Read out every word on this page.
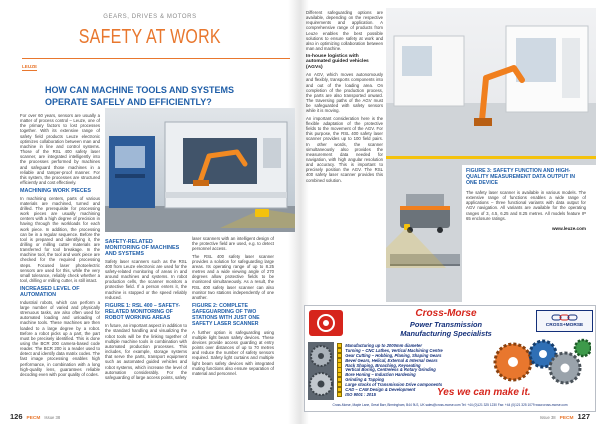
GEARS, DRIVES & MOTORS
SAFETY AT WORK
LEUZE
HOW CAN MACHINE TOOLS AND SYSTEMS
OPERATE SAFELY AND EFFICIENTLY?

For over 60 years, sensors are usually a matter of process control – Leuze, one of the primary factors to lost processes together. With its extensive range of safety field products Leuze electronic optimizes collaboration between man and machine in line and control systems. Those of the RSL 400 safety laser scanner, are integrated intelligently into the processes performed by machines and safeguard those machines in a reliable and tamper-proof manner. For this system, the processes are structured efficiently and cost effectively.

MACHINING WORK PIECES

In machining centers, parts of various materials are machined, turned and drilled. The prerequisite for processing work pieces are usually machining centers with a high degree of precision in having through the workloads for each work piece. In addition, the processing can be in a regular sequence. Before the tool is prepared and identifying it, the drilling or milling cutter materials are transferred for tool breakage. In the machine tool, the tool and work piece are checked for the required processing steps. Focused laser photoelectric sensors are used for this, while the very small tolerance, reliably check whether a tool, drilling or milling cutter, is still intact.

INCREASED LEVEL OF AUTOMATION

Industrial robots, which can perform a large number of varied and physically strenuous tasks, are also often used for automated loading and unloading of machine tools. These machines are then loaded to a large degree by a robot. Before a robot picks up a part, the part must be precisely identified. This is done using the BCR 200 camera-based code reader. The BCR 200 is a reader used to detect and identify data matrix codes. The fast image processing enables high performance, in combination with a long high-quality lens, guarantees reliable decoding even with poor quality of codes.

SAFETY-RELATED MONITORING OF MACHINES AND SYSTEMS

Safety laser scanners such as the RSL 400 from Leuze electronic are used for the safety-related monitoring of areas in and around machines and systems. In robot production cells, the scanner monitors a protective field. If a person enters it, the machine is stopped or the speed reliably reduced.

FIGURE 1: RSL 400 – SAFETY-RELATED MONITORING OF ROBOT WORKING AREAS

In future, an important aspect in addition to the standard handling and visualizing the robot tools will be the linking together of multiple machine tools in combination with automated production processes. This includes, for example, storage systems that serve the parts, transport equipment such as automated guided vehicles and robot systems, which increase the level of automation considerably. For the safeguarding of large access points, safety

laser scanners with an intelligent design of the protective field are used, e.g. to detect personnel access.

The RSL 400 safety laser scanner provides a solution for safeguarding large areas. Its operating range of up to 8.25 metres and a wide viewing angle of 270 degrees allow protective fields to be monitored simultaneously. As a result, the RSL 400 safety laser scanner can also monitor two stations independently of one another.

FIGURE 2: COMPLETE SAFEGUARDING OF TWO STATIONS WITH JUST ONE SAFETY LASER SCANNER

A further option is safeguarding using multiple light beam safety devices. These devices provide access guarding at entry points over distances of up to 70 metres and reduce the number of safety sensors required. Safety light curtains and multiple light beam safety devices with integrated muting functions also ensure separation of material and personnel.

126 PECM Issue 38

Different safeguarding options are available, depending on the respective requirements and application. A comprehensive range of products from Leuze enables the best possible solutions to ensure safety at work and also in optimizing collaboration between man and machine.

In-house logistics with automated guided vehicles (AGVs)

An AGV, which moves autonomously and flexibly, transports components into and out of the loading area. On completion of the production process, the parts are also transported onward. The traversing paths of the AGV must be safeguarded with safety sensors while it is moving.

An important consideration here is the flexible adaptation of the protective fields to the movement of the AGV. For this purpose, the RSL 400 safety laser scanner provides up to 100 field pairs. In other words, the scanner simultaneously also provides the measurement data needed for navigation, with high angular resolution and accuracy. This is important to precisely position the AGV. The RSL 400 safety laser scanner provides this combined solution.

FIGURE 3: SAFETY FUNCTION AND HIGH-QUALITY MEASUREMENT DATA OUTPUT IN ONE DEVICE

The safety laser scanner is available in various models. The extensive range of functions enables a wide range of applications – three functional variants with data output for AGV navigation. All variants are available for the operating ranges of 3, 4.5, 6.25 and 8.25 metres. All models feature IP 65 enclosure ratings.

www.leuze.com
Cross-Morse
Power Transmission
Manufacturing Specialists
CROSS+MORSE
Manufacturing up to 2000mm diameter
Turning – CNC Lathes, Vertical Machining Centre
Gear Cutting – Hobbing, Planing, Shaping Gears
Bevel Gears, Helical, External & Internal Gears
Rack Shaping, Broaching, Keyseating
Vertical Boring, Centreless & Rotary Grinding
Bore Honing – Induction Hardening
Grinding & Tapping
Large stocks of Transmission Drive components
CAD – CAM Design & Development
ISO 9001 : 2015	Yes we can make it.
Cross-Morse, Maple Lane, Great Barr, Birmingham, B44 9LS, UK sales@cross-morse.com Tel: +44 (0)121 325 1230 Fax: +44 (0)121 325 1079 www.cross-morse.com
Issue 38 PECM 127
